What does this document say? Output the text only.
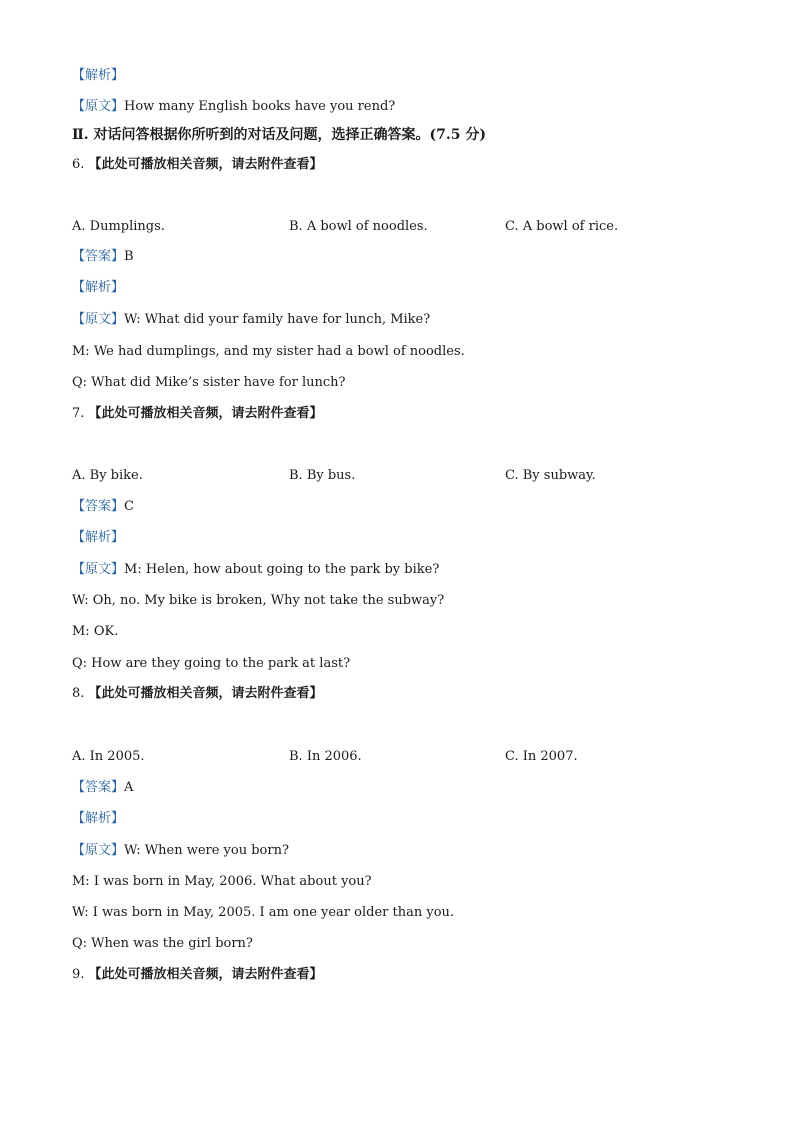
【解析】
【原文】How many English books have you rend?
Ⅱ. 对话问答根据你所听到的对话及问题，选择正确答案。(7.5 分)
6. 【此处可播放相关音频，请去附件查看】
A. Dumplings.	B. A bowl of noodles.	C. A bowl of rice.
【答案】B
【解析】
【原文】W: What did your family have for lunch, Mike?
M: We had dumplings, and my sister had a bowl of noodles.
Q: What did Mike’s sister have for lunch?
7. 【此处可播放相关音频，请去附件查看】
A. By bike.	B. By bus.	C. By subway.
【答案】C
【解析】
【原文】M: Helen, how about going to the park by bike?
W: Oh, no. My bike is broken, Why not take the subway?
M: OK.
Q: How are they going to the park at last?
8. 【此处可播放相关音频，请去附件查看】
A. In 2005.	B. In 2006.	C. In 2007.
【答案】A
【解析】
【原文】W: When were you born?
M: I was born in May, 2006. What about you?
W: I was born in May, 2005. I am one year older than you.
Q: When was the girl born?
9. 【此处可播放相关音频，请去附件查看】
